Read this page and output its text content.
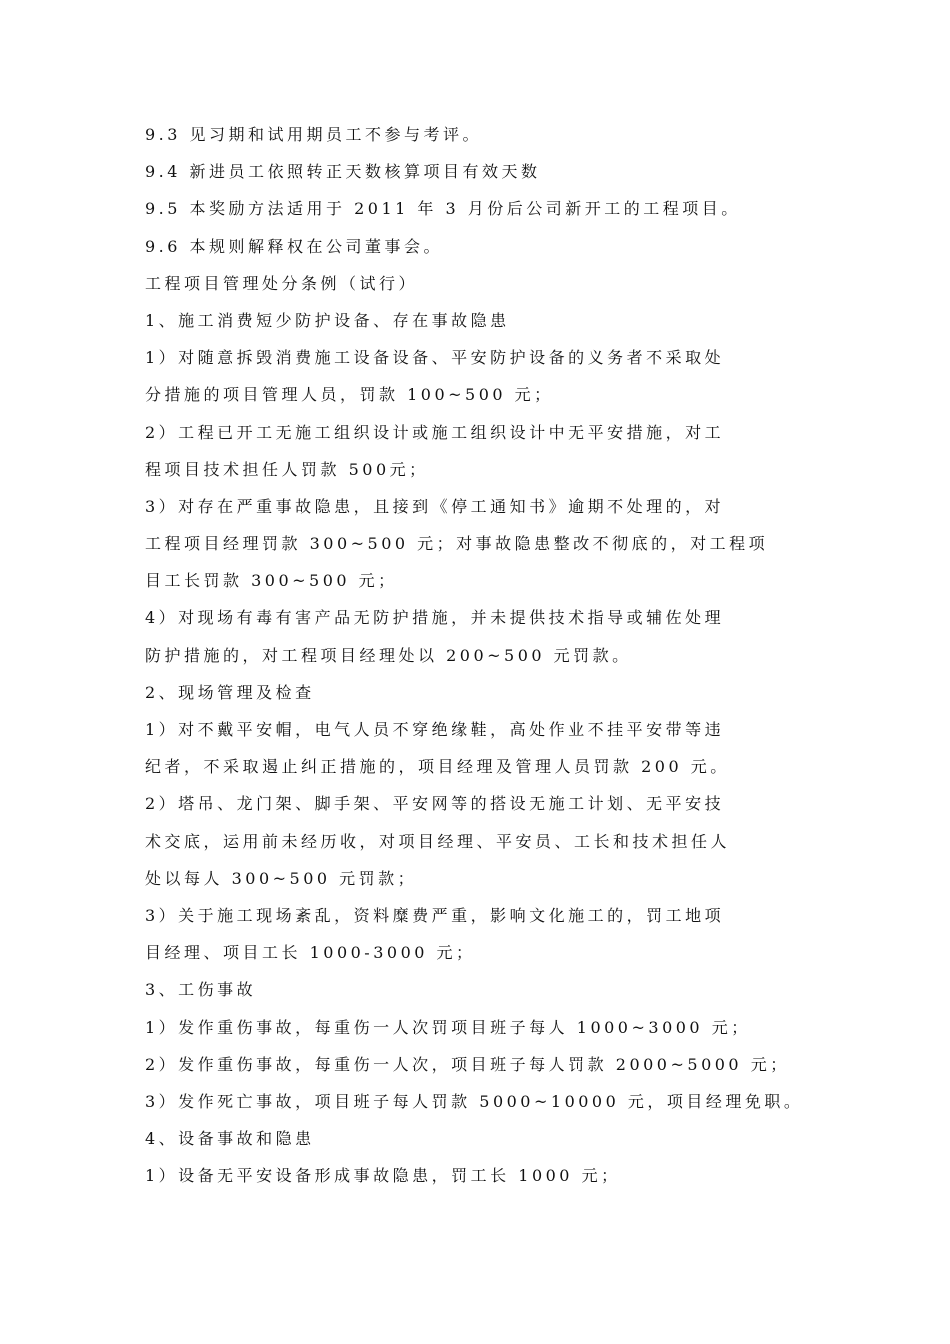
9.3 见习期和试用期员工不参与考评。
9.4 新进员工依照转正天数核算项目有效天数
9.5 本奖励方法适用于 2011 年 3 月份后公司新开工的工程项目。
9.6 本规则解释权在公司董事会。
工程项目管理处分条例（试行）
1、施工消费短少防护设备、存在事故隐患
1）对随意拆毁消费施工设备设备、平安防护设备的义务者不采取处
分措施的项目管理人员，罚款 100~500 元；
2）工程已开工无施工组织设计或施工组织设计中无平安措施，对工
程项目技术担任人罚款 500元；
3）对存在严重事故隐患，且接到《停工通知书》逾期不处理的，对
工程项目经理罚款 300~500 元；对事故隐患整改不彻底的，对工程项
目工长罚款 300~500 元；
4）对现场有毒有害产品无防护措施，并未提供技术指导或辅佐处理
防护措施的，对工程项目经理处以 200~500 元罚款。
2、现场管理及检查
1）对不戴平安帽，电气人员不穿绝缘鞋，高处作业不挂平安带等违
纪者，不采取遏止纠正措施的，项目经理及管理人员罚款 200 元。
2）塔吊、龙门架、脚手架、平安网等的搭设无施工计划、无平安技
术交底，运用前未经历收，对项目经理、平安员、工长和技术担任人
处以每人 300~500 元罚款；
3）关于施工现场紊乱，资料糜费严重，影响文化施工的，罚工地项
目经理、项目工长 1000-3000 元；
3、工伤事故
1）发作重伤事故，每重伤一人次罚项目班子每人 1000~3000 元；
2）发作重伤事故，每重伤一人次，项目班子每人罚款 2000~5000 元；
3）发作死亡事故，项目班子每人罚款 5000~10000 元，项目经理免职。
4、设备事故和隐患
1）设备无平安设备形成事故隐患，罚工长 1000 元；
